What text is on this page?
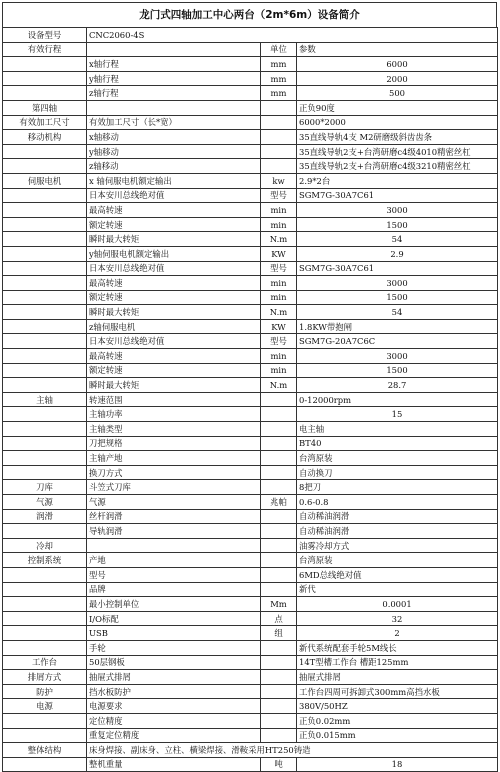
龙门式四轴加工中心两台（2m*6m）设备简介
设备型号	CNC2060-4S		
有效行程		单位	参数
	x轴行程	mm	6000
	y轴行程	mm	2000
	z轴行程	mm	500
第四轴			正负90度
有效加工尺寸	有效加工尺寸（长*宽）		6000*2000
移动机构	x轴移动		35直线导轨4支 M2研磨级斜齿齿条
	y轴移动		35直线导轨2支+台湾研磨c4级4010精密丝杠
	z轴移动		35直线导轨2支+台湾研磨c4级3210精密丝杠
伺服电机	x 轴伺服电机额定输出	kw	2.9*2台
	日本安川总线绝对值	型号	SGM7G-30A7C61
	最高转速	min	3000
	额定转速	min	1500
	瞬时最大转矩	N.m	54
	y轴伺服电机额定输出	KW	2.9
	日本安川总线绝对值	型号	SGM7G-30A7C61
	最高转速	min	3000
	额定转速	min	1500
	瞬时最大转矩	N.m	54
	z轴伺服电机	KW	1.8KW带抱闸
	日本安川总线绝对值	型号	SGM7G-20A7C6C
	最高转速	min	3000
	额定转速	min	1500
	瞬时最大转矩	N.m	28.7
主轴	转速范围		0-12000rpm
	主轴功率		15
	主轴类型		电主轴
	刀把规格		BT40
	主轴产地		台湾原装
	换刀方式		自动换刀
刀库	斗笠式刀库		8把刀
气源	气源	兆帕	0.6-0.8
润滑	丝杆润滑		自动稀油润滑
	导轨润滑		自动稀油润滑
冷却			油雾冷却方式
控制系统	产地		台湾原装
	型号		6MD总线绝对值
	品牌		新代
	最小控制单位	Mm	0.0001
	I/O标配	点	32
	USB	组	2
	手轮		新代系统配套手轮5M线长
工作台	50层钢板		14T型槽工作台 槽距125mm
排屑方式	抽屉式排屑		抽屉式排屑
防护	挡水板防护		工作台四周可拆卸式300mm高挡水板
电源	电源要求		380V/50HZ
	定位精度		正负0.02mm
	重复定位精度		正负0.015mm
整体结构	床身焊接、副床身、立柱、横梁焊接、滑鞍采用HT250铸造		
	整机重量	吨	18
